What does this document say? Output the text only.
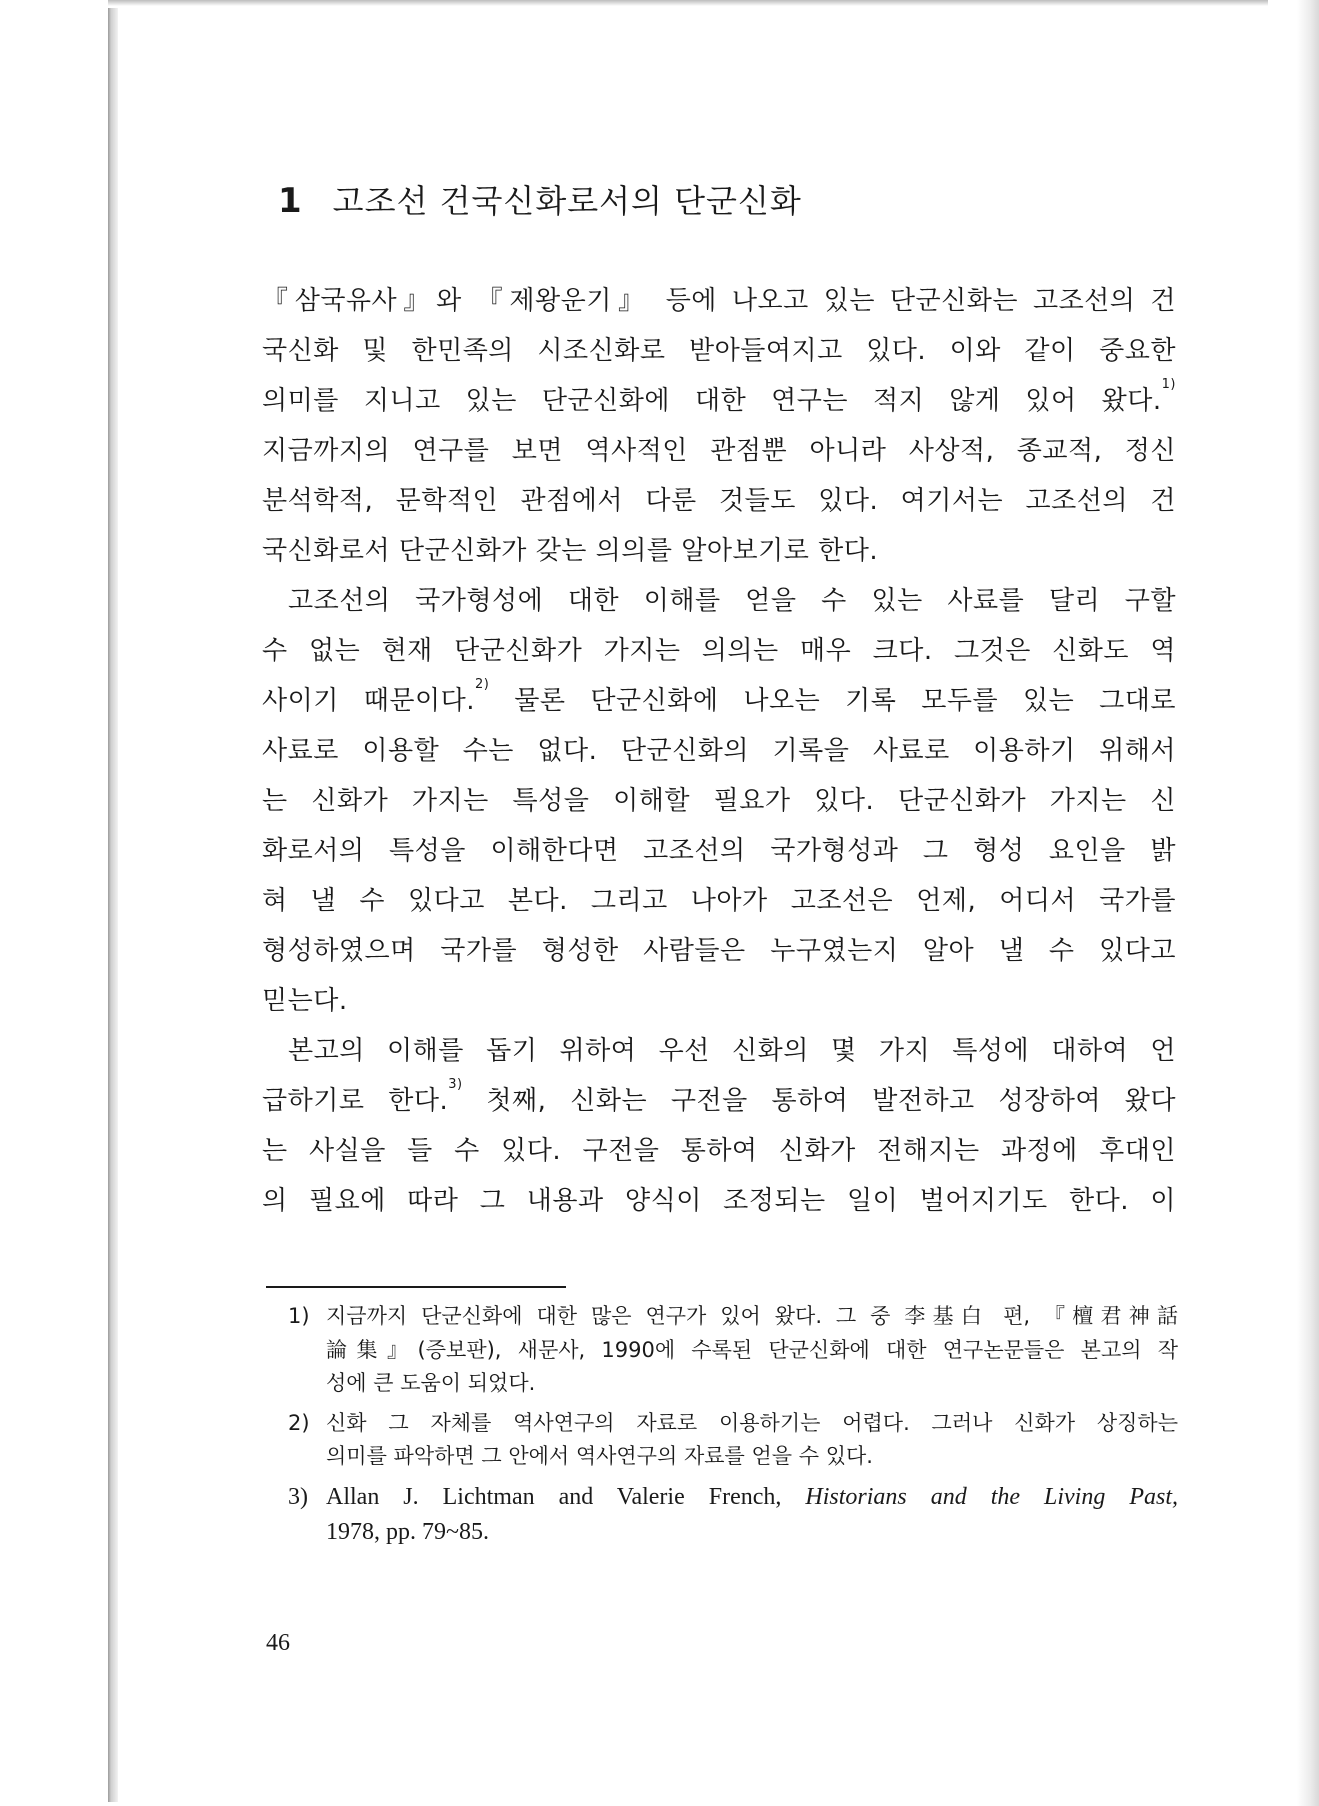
1 고조선 건국신화로서의 단군신화
『삼국유사』와 『제왕운기』 등에 나오고 있는 단군신화는 고조선의 건
국신화 및 한민족의 시조신화로 받아들여지고 있다. 이와 같이 중요한
의미를 지니고 있는 단군신화에 대한 연구는 적지 않게 있어 왔다.$^{1)}$
지금까지의 연구를 보면 역사적인 관점뿐 아니라 사상적, 종교적, 정신
분석학적, 문학적인 관점에서 다룬 것들도 있다. 여기서는 고조선의 건
국신화로서 단군신화가 갖는 의의를 알아보기로 한다.
고조선의 국가형성에 대한 이해를 얻을 수 있는 사료를 달리 구할
수 없는 현재 단군신화가 가지는 의의는 매우 크다. 그것은 신화도 역
사이기 때문이다.$^{2)}$ 물론 단군신화에 나오는 기록 모두를 있는 그대로
사료로 이용할 수는 없다. 단군신화의 기록을 사료로 이용하기 위해서
는 신화가 가지는 특성을 이해할 필요가 있다. 단군신화가 가지는 신
화로서의 특성을 이해한다면 고조선의 국가형성과 그 형성 요인을 밝
혀 낼 수 있다고 본다. 그리고 나아가 고조선은 언제, 어디서 국가를
형성하였으며 국가를 형성한 사람들은 누구였는지 알아 낼 수 있다고
믿는다.
본고의 이해를 돕기 위하여 우선 신화의 몇 가지 특성에 대하여 언
급하기로 한다.$^{3)}$ 첫째, 신화는 구전을 통하여 발전하고 성장하여 왔다
는 사실을 들 수 있다. 구전을 통하여 신화가 전해지는 과정에 후대인
의 필요에 따라 그 내용과 양식이 조정되는 일이 벌어지기도 한다. 이
1) 지금까지 단군신화에 대한 많은 연구가 있어 왔다. 그 중 李基白 편, 『檀君神話
論集』(증보판), 새문사, 1990에 수록된 단군신화에 대한 연구논문들은 본고의 작
성에 큰 도움이 되었다.
2) 신화 그 자체를 역사연구의 자료로 이용하기는 어렵다. 그러나 신화가 상징하는
의미를 파악하면 그 안에서 역사연구의 자료를 얻을 수 있다.
3) Allan J. Lichtman and Valerie French, Historians and the Living Past,
1978, pp. 79~85.
46
